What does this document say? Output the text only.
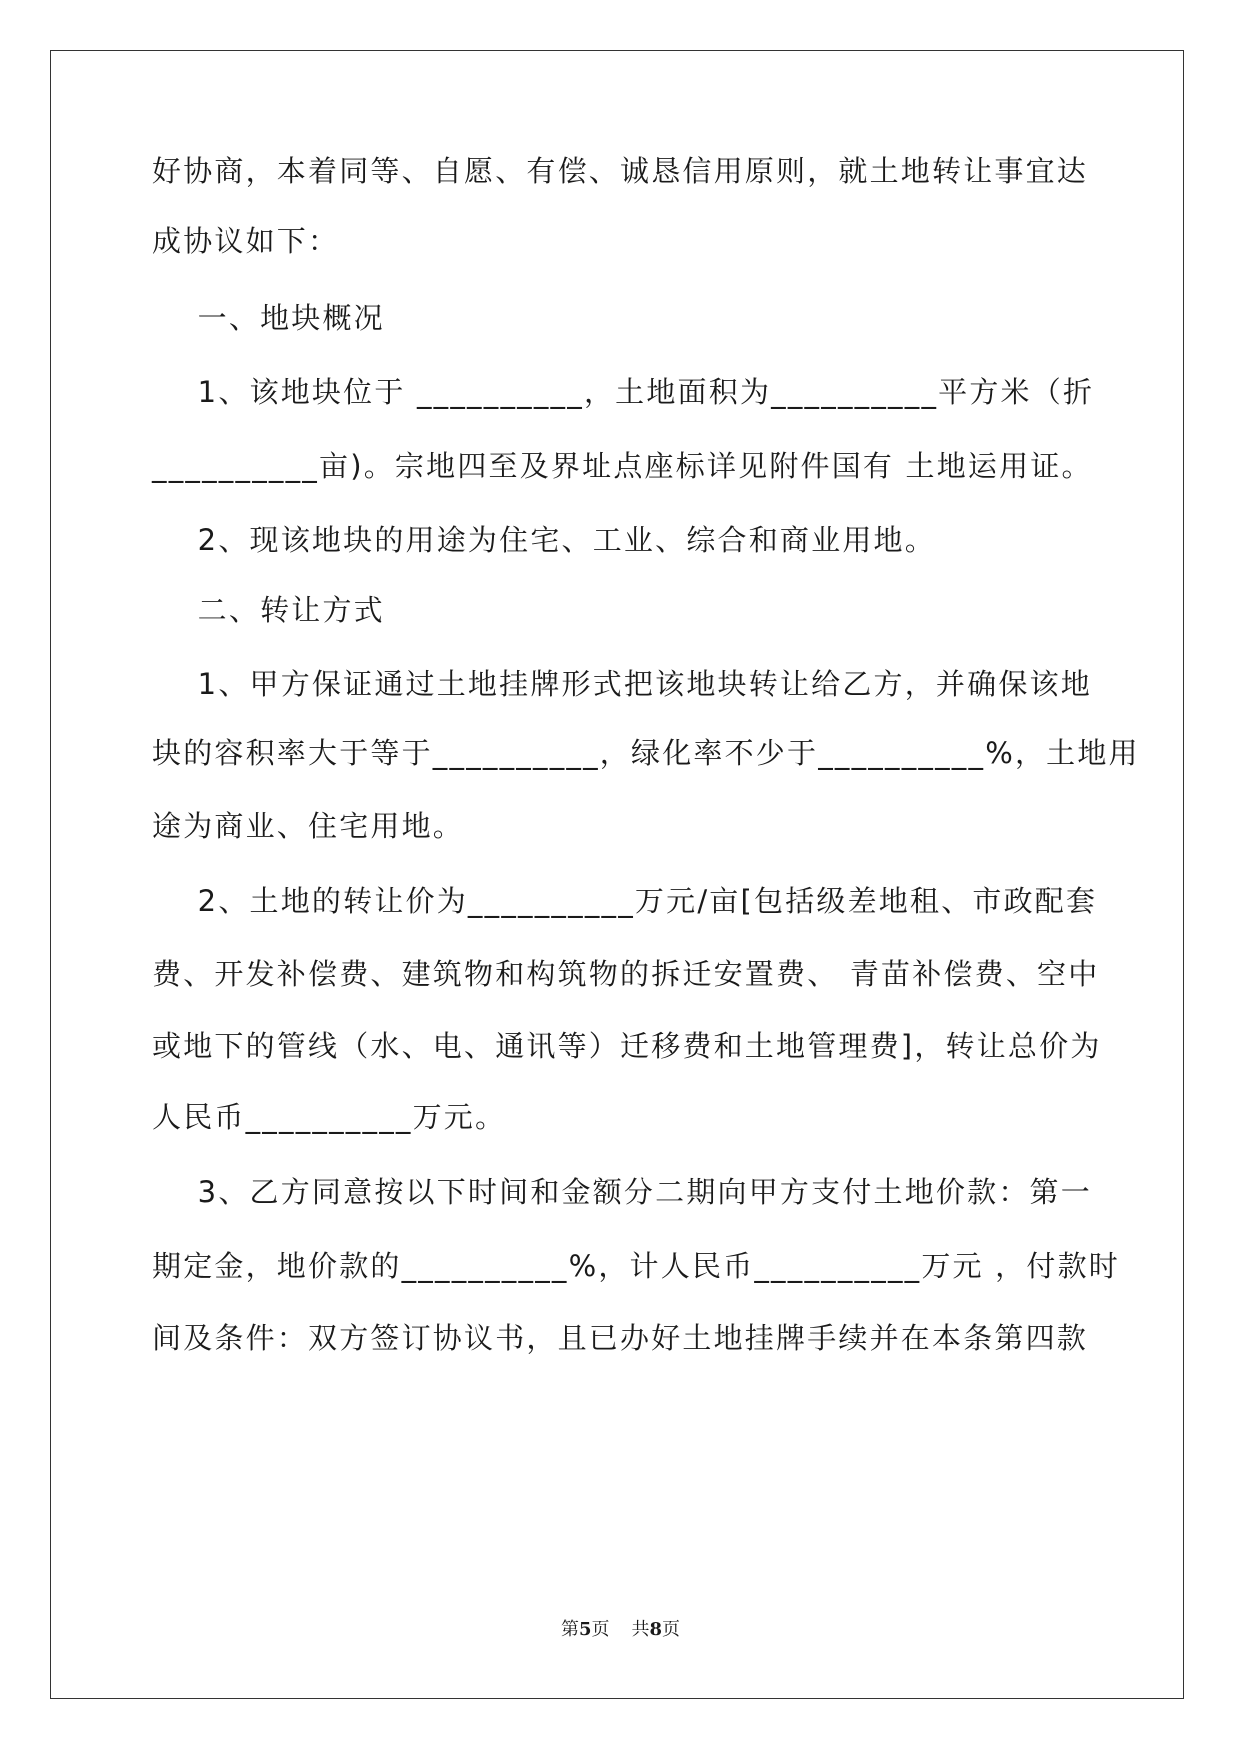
好协商，本着同等、自愿、有偿、诚恳信用原则，就土地转让事宜达
成协议如下：
一、地块概况
1、该地块位于 __________，土地面积为__________平方米（折
__________亩)。宗地四至及界址点座标详见附件国有 土地运用证。
2、现该地块的用途为住宅、工业、综合和商业用地。
二、转让方式
1、甲方保证通过土地挂牌形式把该地块转让给乙方，并确保该地
块的容积率大于等于__________，绿化率不少于__________%，土地用
途为商业、住宅用地。
2、土地的转让价为__________万元/亩[包括级差地租、市政配套
费、开发补偿费、建筑物和构筑物的拆迁安置费、 青苗补偿费、空中
或地下的管线（水、电、通讯等）迁移费和土地管理费]，转让总价为
人民币__________万元。
3、乙方同意按以下时间和金额分二期向甲方支付土地价款：第一
期定金，地价款的__________%，计人民币__________万元 ，付款时
间及条件：双方签订协议书，且已办好土地挂牌手续并在本条第四款
第5页 共8页
